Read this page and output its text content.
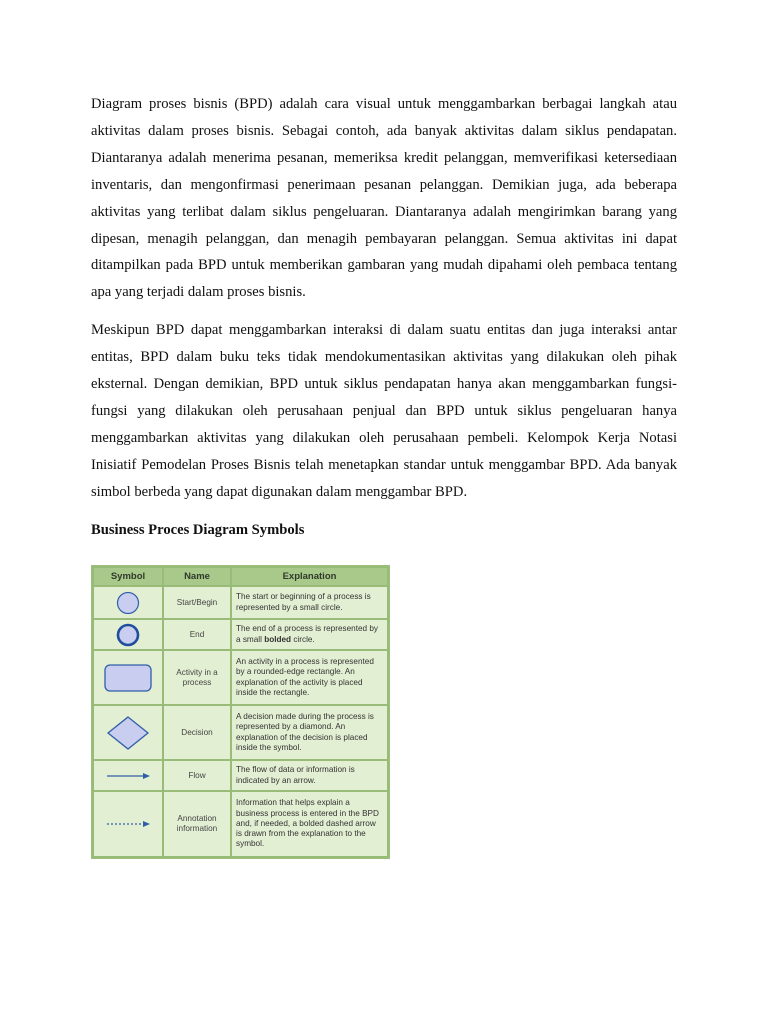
Diagram proses bisnis (BPD) adalah cara visual untuk menggambarkan berbagai langkah atau aktivitas dalam proses bisnis. Sebagai contoh, ada banyak aktivitas dalam siklus pendapatan. Diantaranya adalah menerima pesanan, memeriksa kredit pelanggan, memverifikasi ketersediaan inventaris, dan mengonfirmasi penerimaan pesanan pelanggan. Demikian juga, ada beberapa aktivitas yang terlibat dalam siklus pengeluaran. Diantaranya adalah mengirimkan barang yang dipesan, menagih pelanggan, dan menagih pembayaran pelanggan. Semua aktivitas ini dapat ditampilkan pada BPD untuk memberikan gambaran yang mudah dipahami oleh pembaca tentang apa yang terjadi dalam proses bisnis.

Meskipun BPD dapat menggambarkan interaksi di dalam suatu entitas dan juga interaksi antar entitas, BPD dalam buku teks tidak mendokumentasikan aktivitas yang dilakukan oleh pihak eksternal. Dengan demikian, BPD untuk siklus pendapatan hanya akan menggambarkan fungsi-fungsi yang dilakukan oleh perusahaan penjual dan BPD untuk siklus pengeluaran hanya menggambarkan aktivitas yang dilakukan oleh perusahaan pembeli. Kelompok Kerja Notasi Inisiatif Pemodelan Proses Bisnis telah menetapkan standar untuk menggambar BPD. Ada banyak simbol berbeda yang dapat digunakan dalam menggambar BPD.

Business Proces Diagram Symbols

Symbol	Name	Explanation

	Start/Begin	The start or beginning of a process is represented by a small circle.

	End	The end of a process is represented by a small bolded circle.

	Activity in a process	An activity in a process is represented by a rounded-edge rectangle. An explanation of the activity is placed inside the rectangle.

	Decision	A decision made during the process is represented by a diamond. An explanation of the decision is placed inside the symbol.

	Flow	The flow of data or information is indicated by an arrow.

	Annotation information	Information that helps explain a business process is entered in the BPD and, if needed, a bolded dashed arrow is drawn from the explanation to the symbol.
